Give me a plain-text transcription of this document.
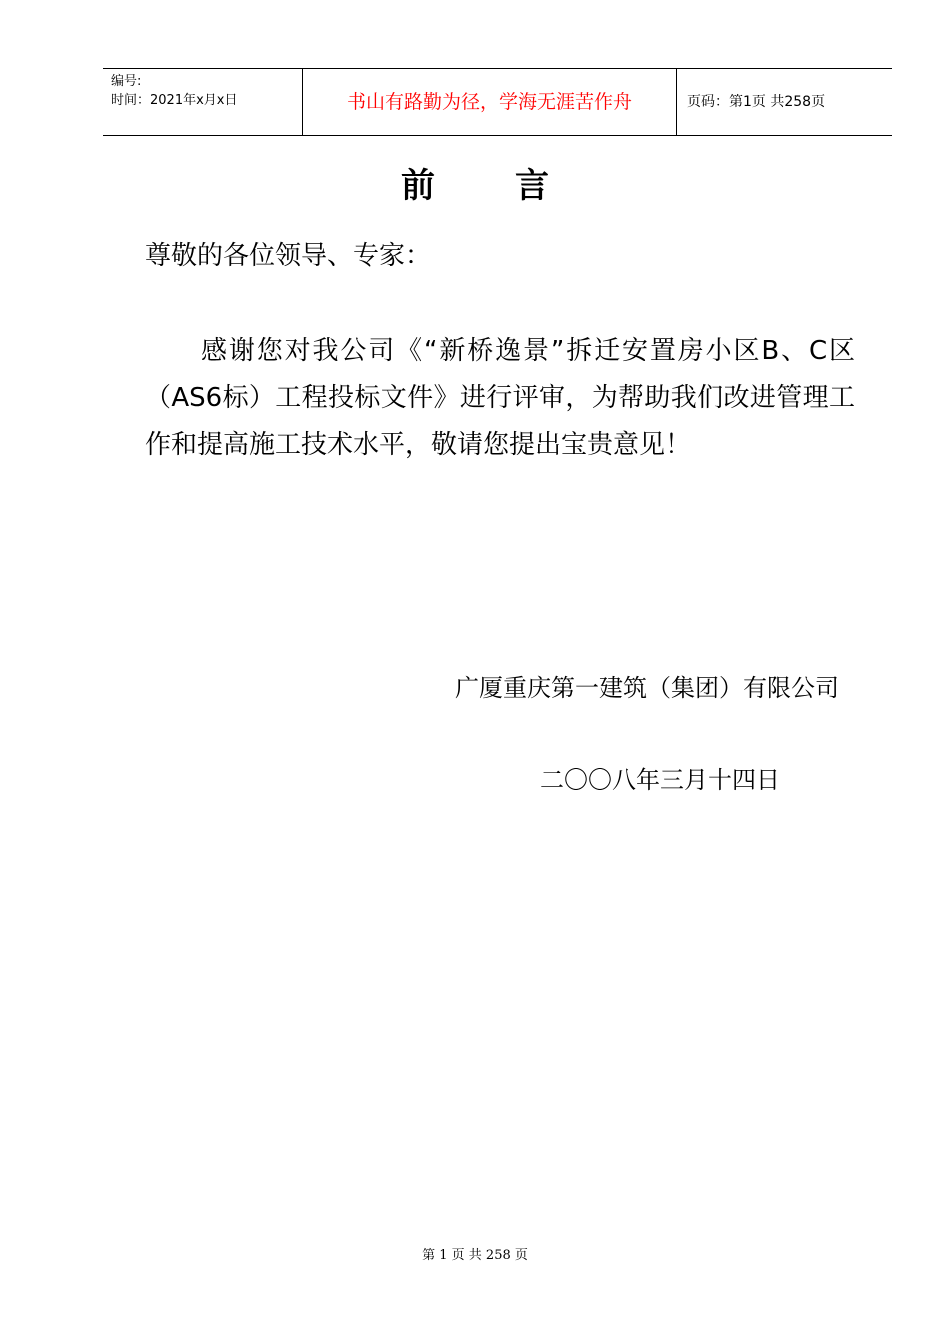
编号:
时间：2021年x月x日	书山有路勤为径，学海无涯苦作舟	页码：第1页 共258页
前 言
尊敬的各位领导、专家：

感谢您对我公司《“新桥逸景”拆迁安置房小区B、C区（AS6标）工程投标文件》进行评审，为帮助我们改进管理工作和提高施工技术水平，敬请您提出宝贵意见！

广厦重庆第一建筑（集团）有限公司

二〇〇八年三月十四日
第 1 页 共 258 页
